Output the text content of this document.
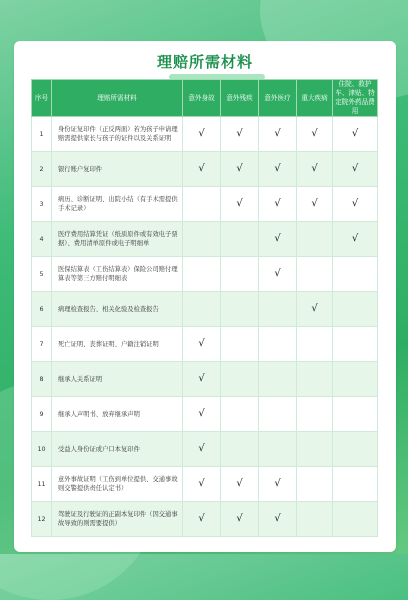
理赔所需材料
序号	理赔所需材料	意外身故	意外残疾	意外医疗	重大疾病	住院、救护车、津贴、特定院外药品费用
1	身份证复印件（正反两面）若为孩子申请理赔需提供家长与孩子的证件以及关系证明	√	√	√	√	√
2	银行账户复印件	√	√	√	√	√
3	病历、诊断证明、出院小结（有手术需提供手术记录）		√	√	√	√
4	医疗费用结算凭证（纸质原件或有效电子票据）、费用清单原件或电子明细单			√		√
5	医保结算表（工伤结算表）保险公司赔付理算表等第三方赔付明细表			√		
6	病理检查报告、相关化验及检查报告				√	
7	死亡证明、丧葬证明、户籍注销证明	√				
8	继承人关系证明	√				
9	继承人声明书、放弃继承声明	√				
10	受益人身份证或户口本复印件	√				
11	意外事故证明（工伤到单位提供、交通事故则交警提供责任认定书）	√	√	√		
12	驾驶证及行驶证的正副本复印件（因交通事故导致的则需要提供）	√	√	√		
